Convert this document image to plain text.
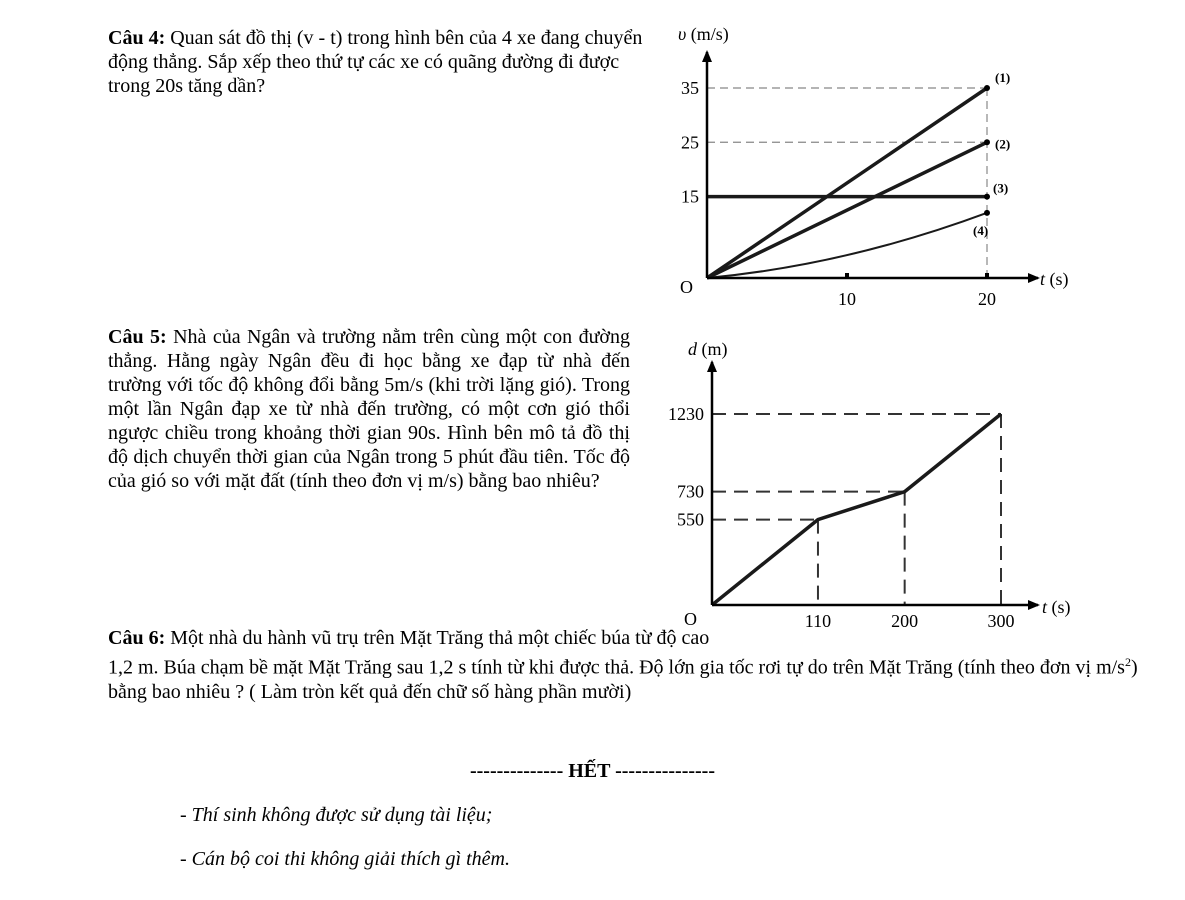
Câu 4: Quan sát đồ thị (v - t) trong hình bên của 4 xe đang chuyển động thẳng. Sắp xếp theo thứ tự các xe có quãng đường đi được trong 20s tăng dần?
Câu 5: Nhà của Ngân và trường nằm trên cùng một con đường thẳng. Hằng ngày Ngân đều đi học bằng xe đạp từ nhà đến trường với tốc độ không đổi bằng 5m/s (khi trời lặng gió). Trong một lần Ngân đạp xe từ nhà đến trường, có một cơn gió thổi ngược chiều trong khoảng thời gian 90s. Hình bên mô tả đồ thị độ dịch chuyển thời gian của Ngân trong 5 phút đầu tiên. Tốc độ của gió so với mặt đất (tính theo đơn vị m/s) bằng bao nhiêu?
Câu 6: Một nhà du hành vũ trụ trên Mặt Trăng thả một chiếc búa từ độ cao 1,2 m. Búa chạm bề mặt Mặt Trăng sau 1,2 s tính từ khi được thả. Độ lớn gia tốc rơi tự do trên Mặt Trăng (tính theo đơn vị $m/s^2$) bằng bao nhiêu ? ( Làm tròn kết quả đến chữ số hàng phần mười)
-------------- HẾT ---------------
- Thí sinh không được sử dụng tài liệu;
- Cán bộ coi thi không giải thích gì thêm.
(1)
(2)
(3)
(4)
υ (m/s)
t (s)
O
35
25
15
10	20
d (m)
t (s)
O
1230
730
550
110	200	300
